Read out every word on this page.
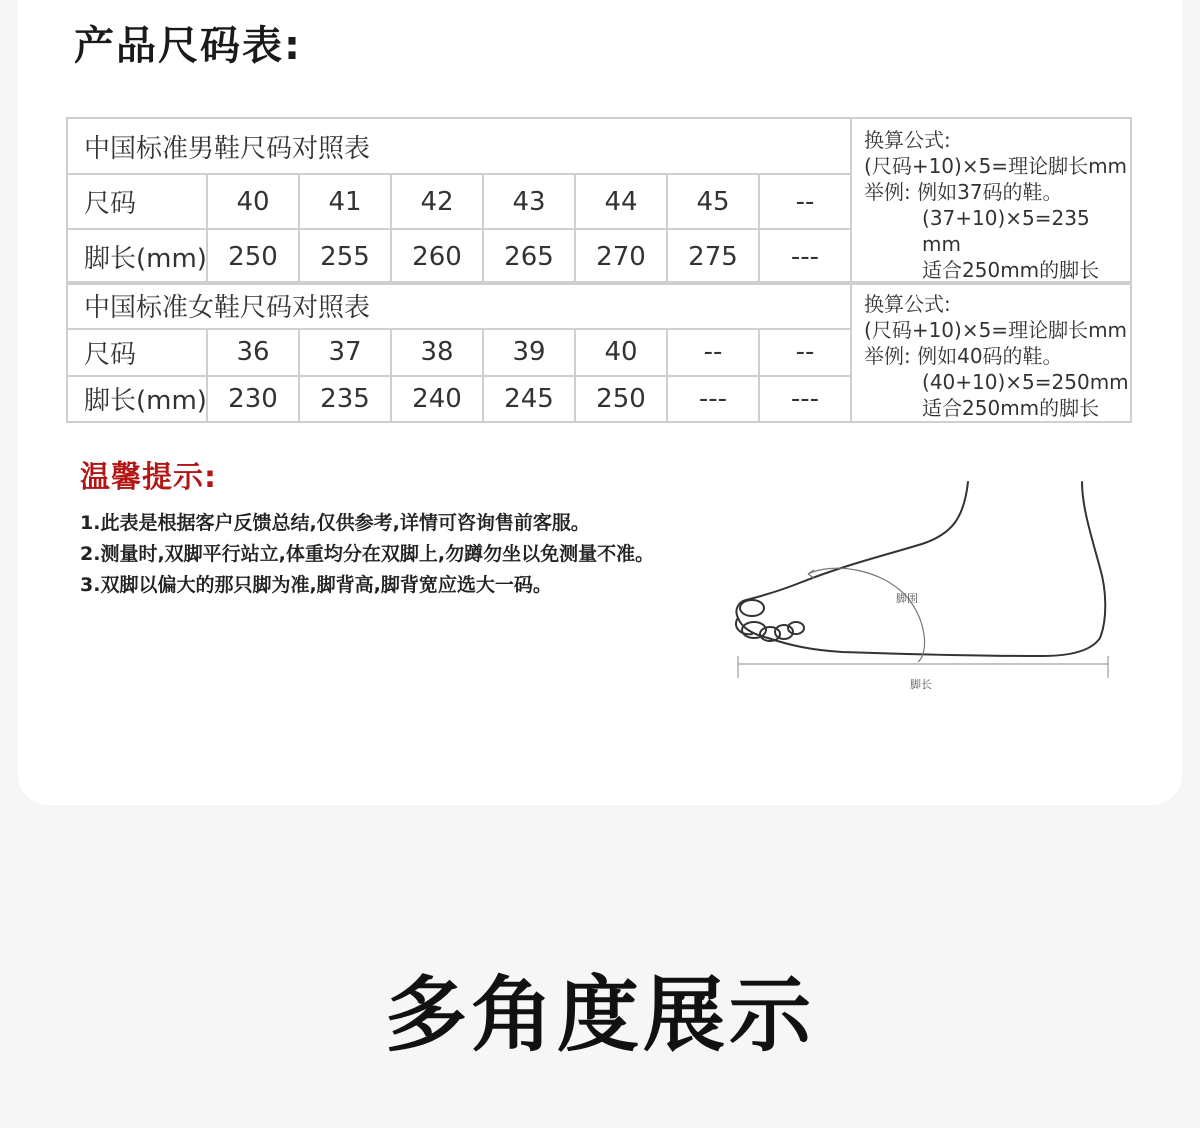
产品尺码表:
中国标准男鞋尺码对照表								换算公式:
(尺码+10)×5=理论脚长mm
举例: 例如37码的鞋。
(37+10)×5=235 mm
适合250mm的脚长

尺码	40	41	42	43	44	45	--	
脚长(mm)	250	255	260	265	270	275	---	
中国标准女鞋尺码对照表								换算公式:
(尺码+10)×5=理论脚长mm
举例: 例如40码的鞋。
(40+10)×5=250mm
适合250mm的脚长

尺码	36	37	38	39	40	--	--	
脚长(mm)	230	235	240	245	250	---	---	
温馨提示:
1.此表是根据客户反馈总结,仅供参考,详情可咨询售前客服。
2.测量时,双脚平行站立,体重均分在双脚上,勿蹲勿坐以免测量不准。
3.双脚以偏大的那只脚为准,脚背高,脚背宽应选大一码。
脚围
脚长
多角度展示
